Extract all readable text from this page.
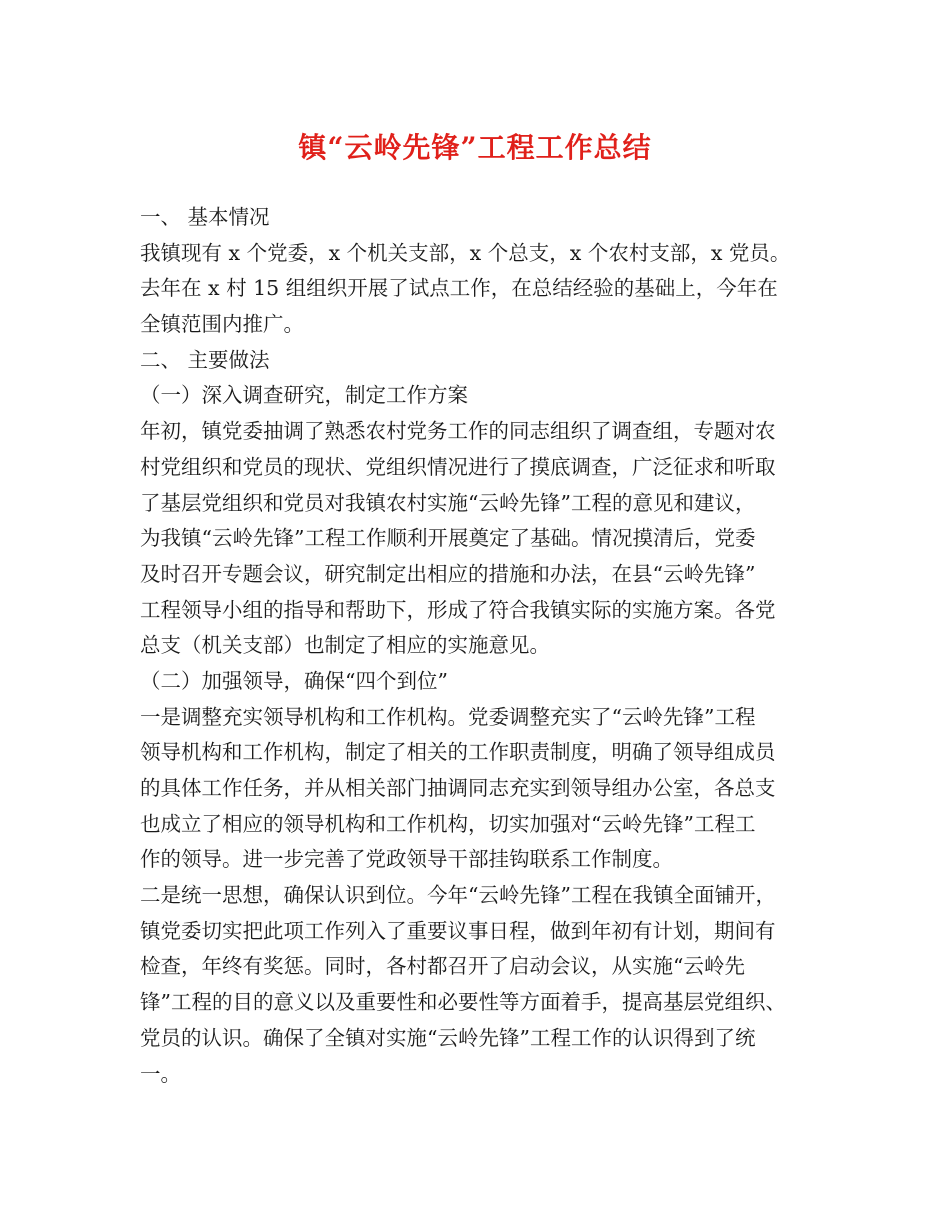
镇“云岭先锋”工程工作总结
一、 基本情况
我镇现有 x 个党委，x 个机关支部，x 个总支，x 个农村支部，x 党员。
去年在 x 村 15 组组织开展了试点工作，在总结经验的基础上，今年在
全镇范围内推广。
二、 主要做法
（一）深入调查研究，制定工作方案
年初，镇党委抽调了熟悉农村党务工作的同志组织了调查组，专题对农
村党组织和党员的现状、党组织情况进行了摸底调查，广泛征求和听取
了基层党组织和党员对我镇农村实施“云岭先锋”工程的意见和建议，
为我镇“云岭先锋”工程工作顺利开展奠定了基础。情况摸清后，党委
及时召开专题会议，研究制定出相应的措施和办法，在县“云岭先锋”
工程领导小组的指导和帮助下，形成了符合我镇实际的实施方案。各党
总支（机关支部）也制定了相应的实施意见。
（二）加强领导，确保“四个到位”
一是调整充实领导机构和工作机构。党委调整充实了“云岭先锋”工程
领导机构和工作机构，制定了相关的工作职责制度，明确了领导组成员
的具体工作任务，并从相关部门抽调同志充实到领导组办公室，各总支
也成立了相应的领导机构和工作机构，切实加强对“云岭先锋”工程工
作的领导。进一步完善了党政领导干部挂钩联系工作制度。
二是统一思想，确保认识到位。今年“云岭先锋”工程在我镇全面铺开，
镇党委切实把此项工作列入了重要议事日程，做到年初有计划，期间有
检查，年终有奖惩。同时，各村都召开了启动会议，从实施“云岭先
锋”工程的目的意义以及重要性和必要性等方面着手，提高基层党组织、
党员的认识。确保了全镇对实施“云岭先锋”工程工作的认识得到了统
一。
